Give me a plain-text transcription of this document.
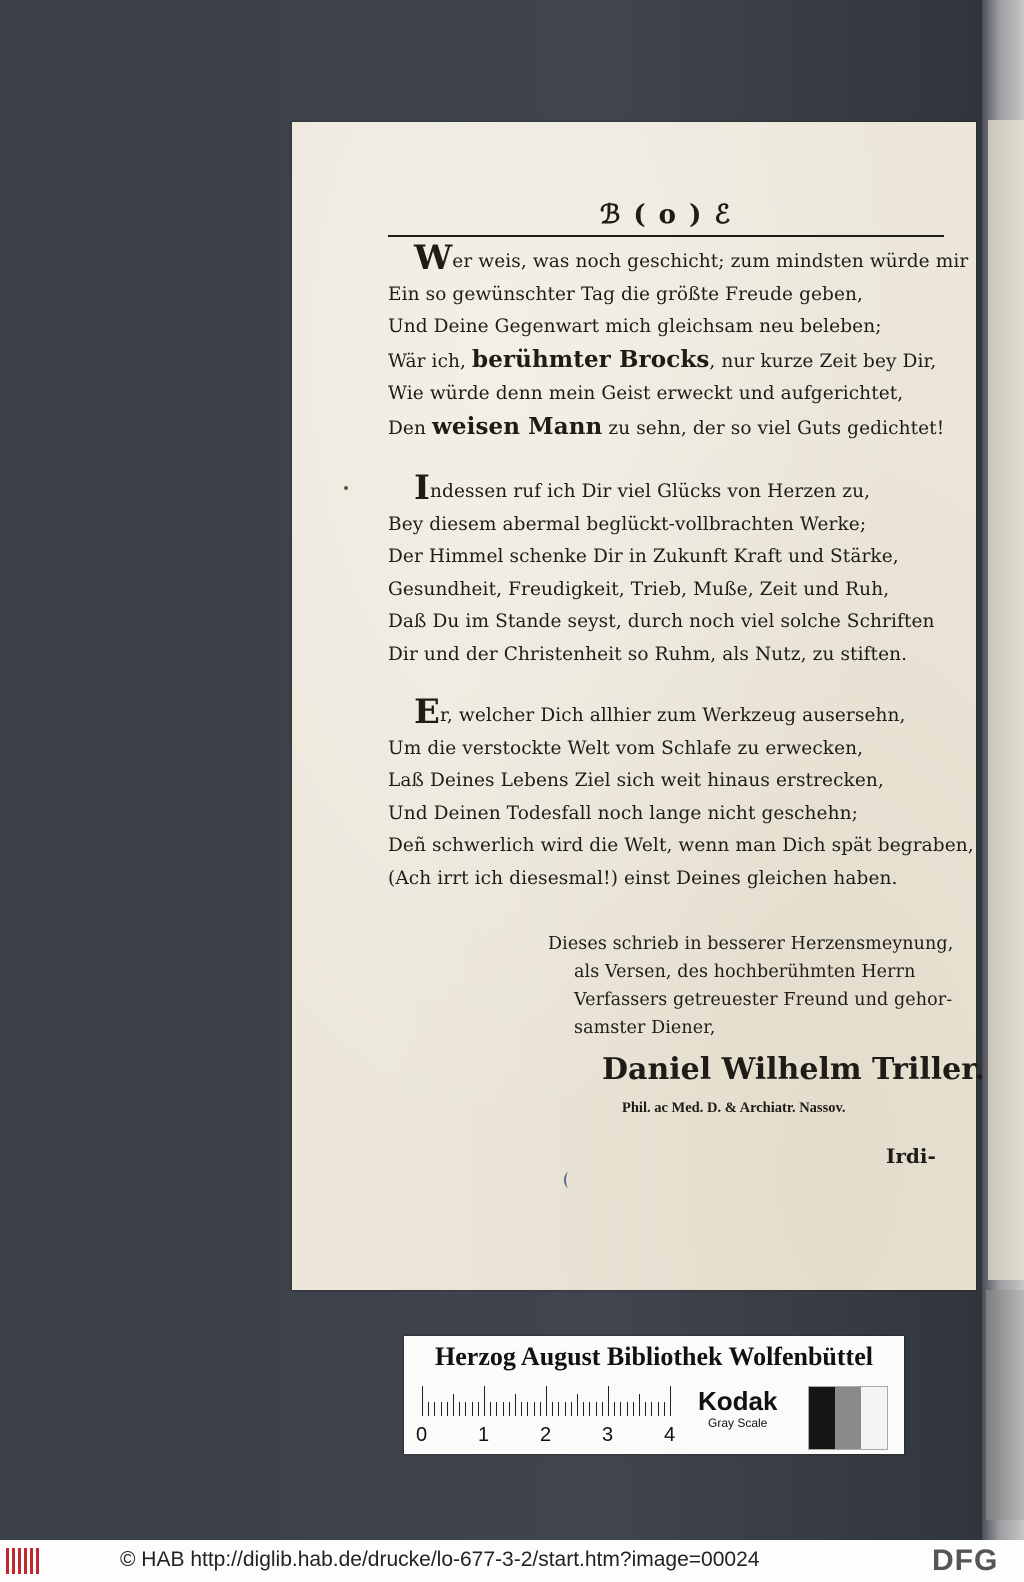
ℬ ( o ) ℰ
Wer weis, was noch geschicht; zum mindsten würde mir
Ein so gewünschter Tag die größte Freude geben,
Und Deine Gegenwart mich gleichsam neu beleben;
Wär ich, berühmter Brocks, nur kurze Zeit bey Dir,
Wie würde denn mein Geist erweckt und aufgerichtet,
Den weisen Mann zu sehn, der so viel Guts gedichtet!
Indessen ruf ich Dir viel Glücks von Herzen zu,
Bey diesem abermal beglückt-vollbrachten Werke;
Der Himmel schenke Dir in Zukunft Kraft und Stärke,
Gesundheit, Freudigkeit, Trieb, Muße, Zeit und Ruh,
Daß Du im Stande seyst, durch noch viel solche Schriften
Dir und der Christenheit so Ruhm, als Nutz, zu stiften.
Er, welcher Dich allhier zum Werkzeug ausersehn,
Um die verstockte Welt vom Schlafe zu erwecken,
Laß Deines Lebens Ziel sich weit hinaus erstrecken,
Und Deinen Todesfall noch lange nicht geschehn;
Deñ schwerlich wird die Welt, wenn man Dich spät begraben,
(Ach irrt ich diesesmal!) einst Deines gleichen haben.
Dieses schrieb in besserer Herzensmeynung,
als Versen, des hochberühmten Herrn
Verfassers getreuester Freund und gehor-
samster Diener,
Daniel Wilhelm Triller.
Phil. ac Med. D. & Archiatr. Nassov.
Irdi-
Herzog August Bibliothek Wolfenbüttel
0	1	2	3	4
Kodak
Gray Scale
© HAB http://diglib.hab.de/drucke/lo-677-3-2/start.htm?image=00024	DFG
